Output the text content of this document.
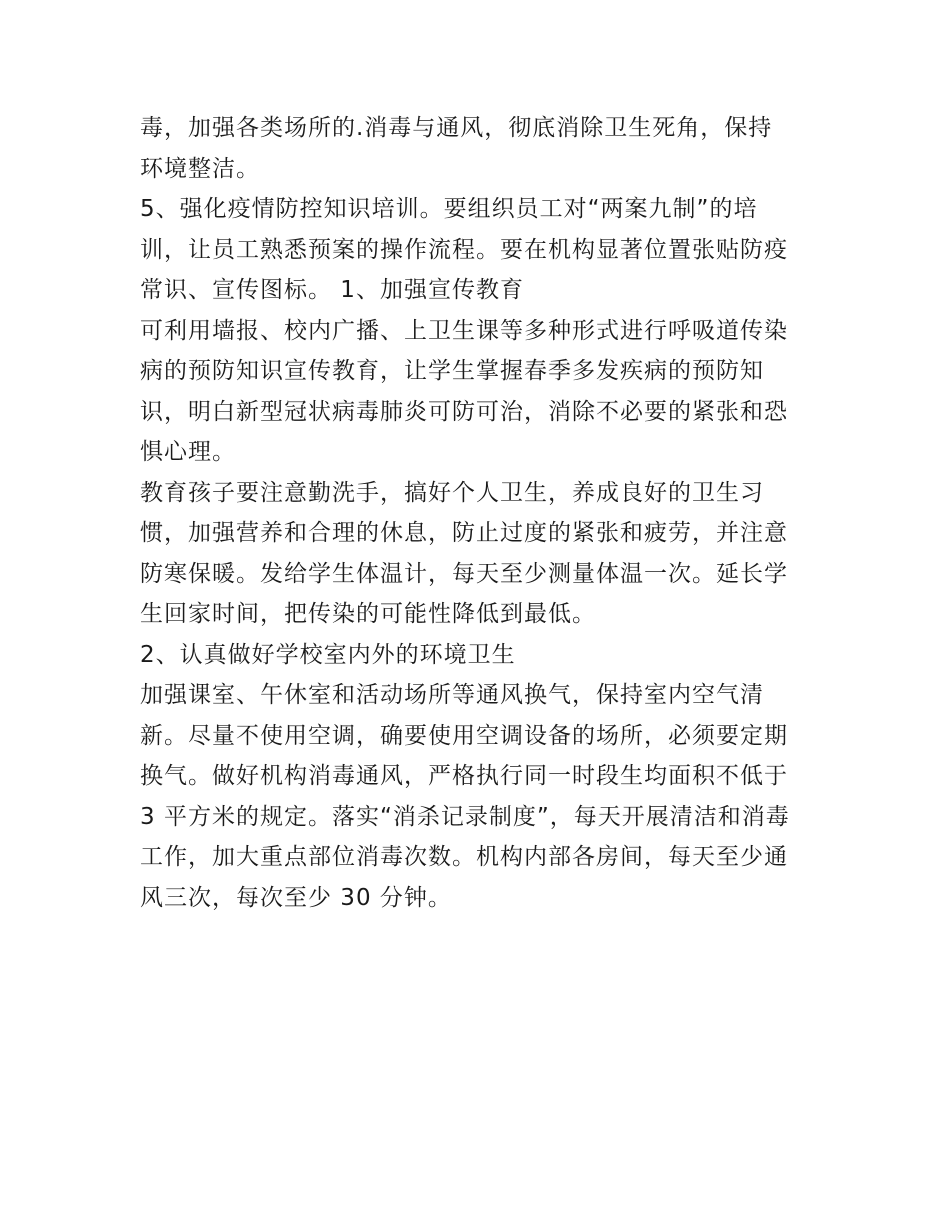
毒，加强各类场所的.消毒与通风，彻底消除卫生死角，保持
环境整洁。
5、强化疫情防控知识培训。要组织员工对“两案九制”的培
训，让员工熟悉预案的操作流程。要在机构显著位置张贴防疫
常识、宣传图标。 1、加强宣传教育
可利用墙报、校内广播、上卫生课等多种形式进行呼吸道传染
病的预防知识宣传教育，让学生掌握春季多发疾病的预防知
识，明白新型冠状病毒肺炎可防可治，消除不必要的紧张和恐
惧心理。
教育孩子要注意勤洗手，搞好个人卫生，养成良好的卫生习
惯，加强营养和合理的休息，防止过度的紧张和疲劳，并注意
防寒保暖。发给学生体温计，每天至少测量体温一次。延长学
生回家时间，把传染的可能性降低到最低。
2、认真做好学校室内外的环境卫生
加强课室、午休室和活动场所等通风换气，保持室内空气清
新。尽量不使用空调，确要使用空调设备的场所，必须要定期
换气。做好机构消毒通风，严格执行同一时段生均面积不低于
3 平方米的规定。落实“消杀记录制度”，每天开展清洁和消毒
工作，加大重点部位消毒次数。机构内部各房间，每天至少通
风三次，每次至少 30 分钟。
